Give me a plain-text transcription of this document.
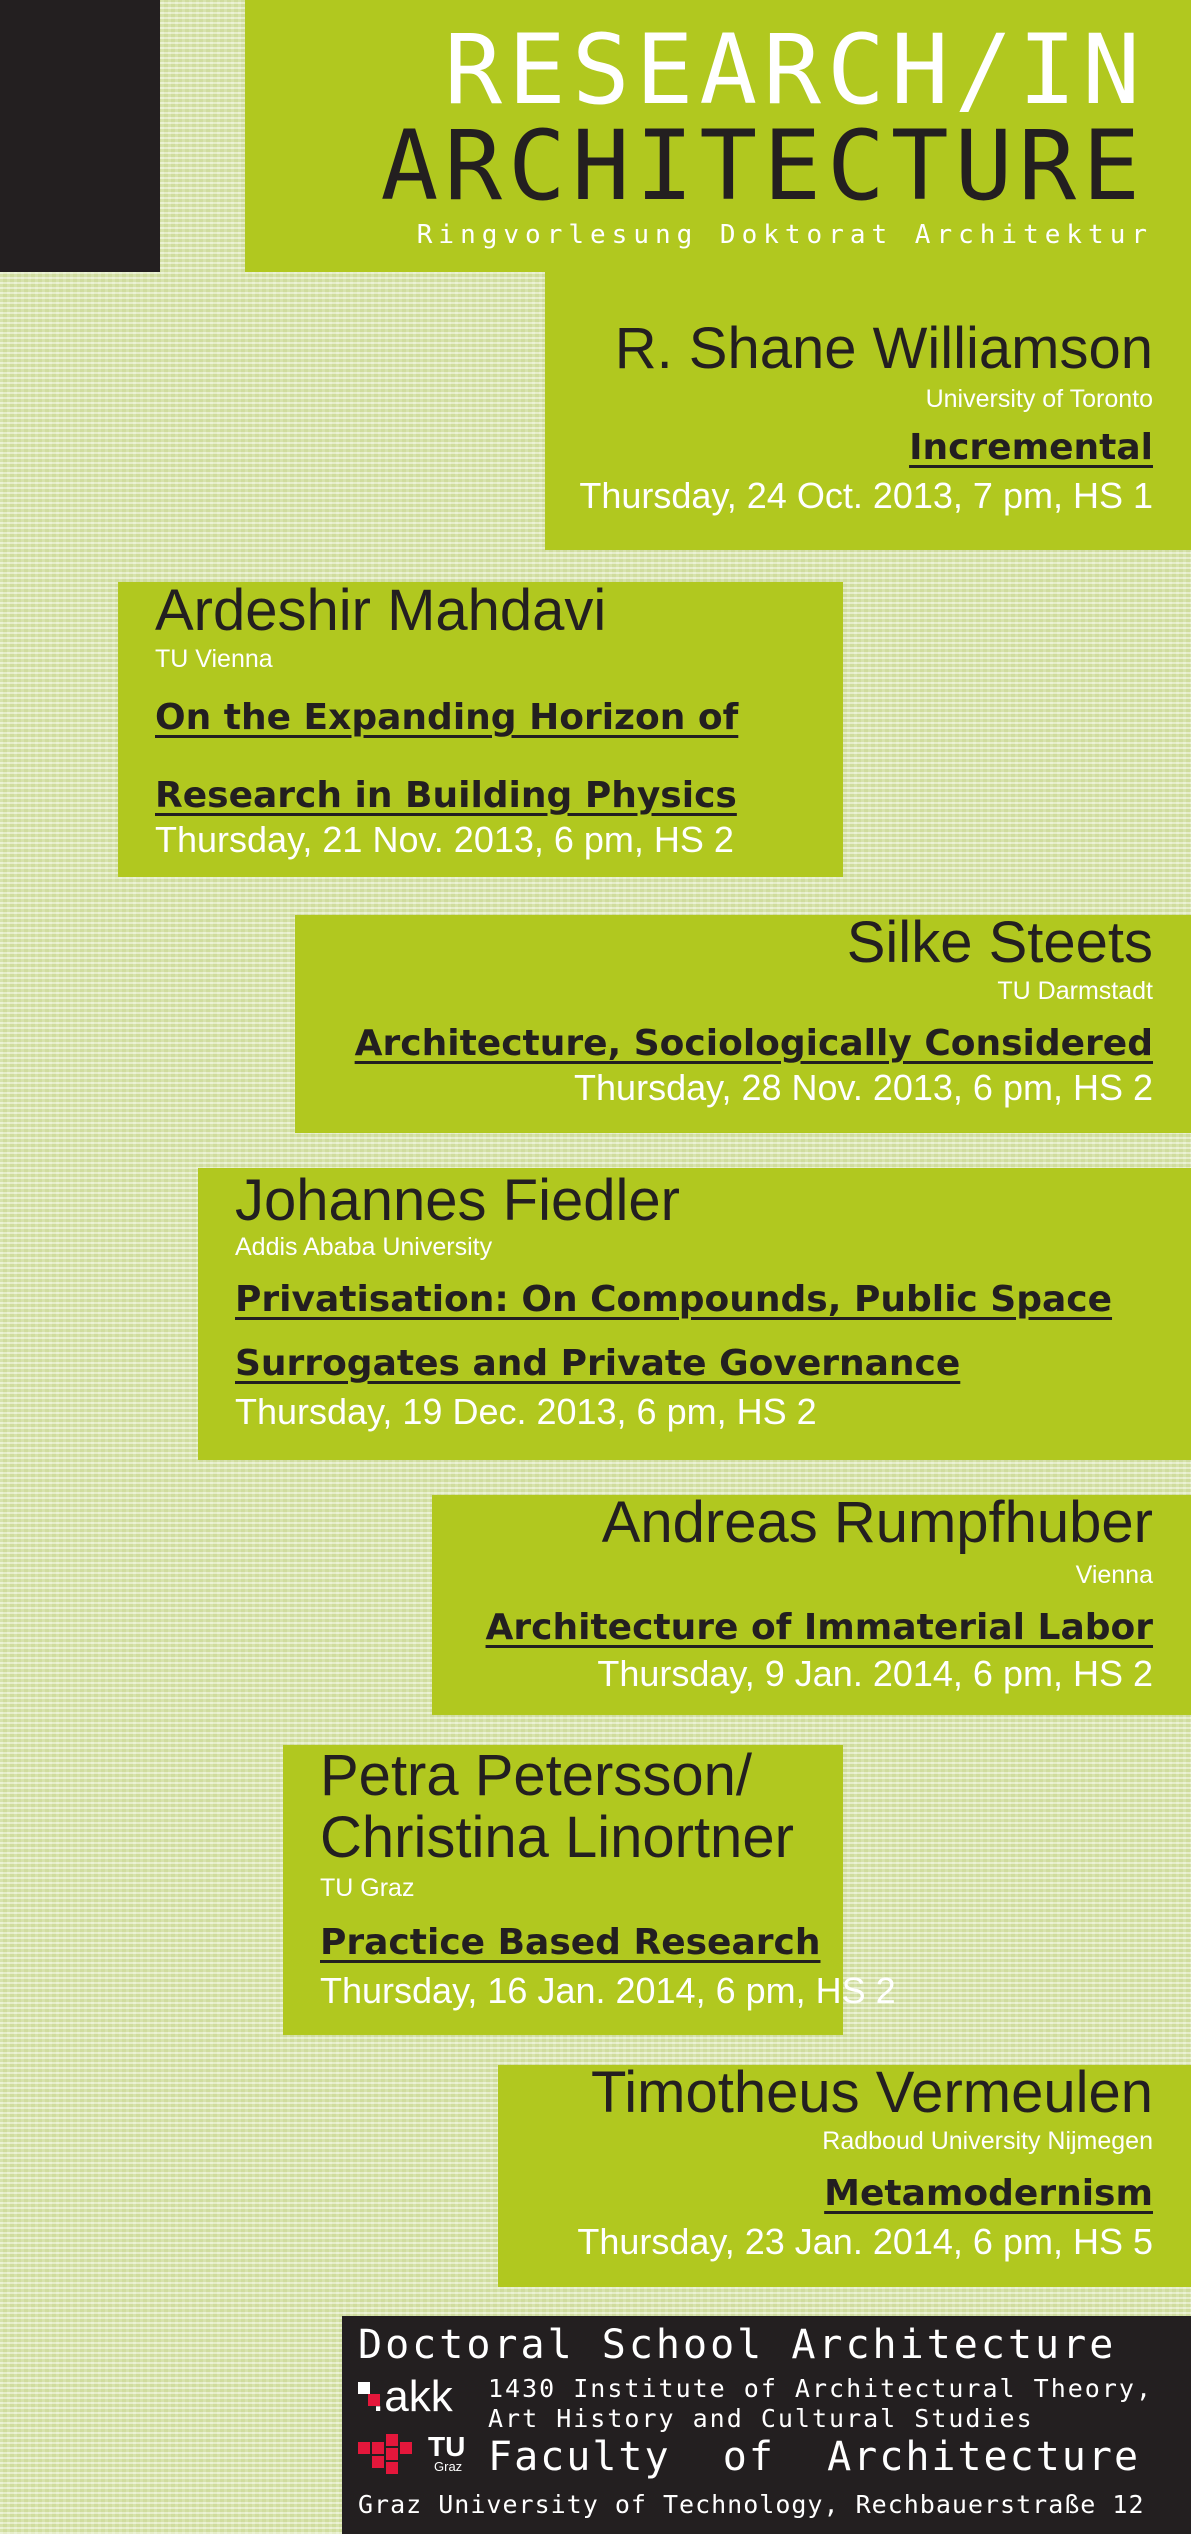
RESEARCH/IN
ARCHITECTURE
Ringvorlesung Doktorat Architektur
R. Shane Williamson
University of Toronto
Incremental
Thursday, 24 Oct. 2013, 7 pm, HS 1
Ardeshir Mahdavi
TU Vienna
On the Expanding Horizon of
Research in Building Physics
Thursday, 21 Nov. 2013, 6 pm, HS 2
Silke Steets
TU Darmstadt
Architecture, Sociologically Considered
Thursday, 28 Nov. 2013, 6 pm, HS 2
Johannes Fiedler
Addis Ababa University
Privatisation: On Compounds, Public Space
Surrogates and Private Governance
Thursday, 19 Dec. 2013, 6 pm, HS 2
Andreas Rumpfhuber
Vienna
Architecture of Immaterial Labor
Thursday, 9 Jan. 2014, 6 pm, HS 2
Petra Petersson/
Christina Linortner
TU Graz
Practice Based Research
Thursday, 16 Jan. 2014, 6 pm, HS 2
Timotheus Vermeulen
Radboud University Nijmegen
Metamodernism
Thursday, 23 Jan. 2014, 6 pm, HS 5
Doctoral School Architecture
.akk 1430 Institute of Architectural Theory,
Art History and Cultural Studies
TU
Graz Faculty  of  Architecture
Graz University of Technology, Rechbauerstraße 12
